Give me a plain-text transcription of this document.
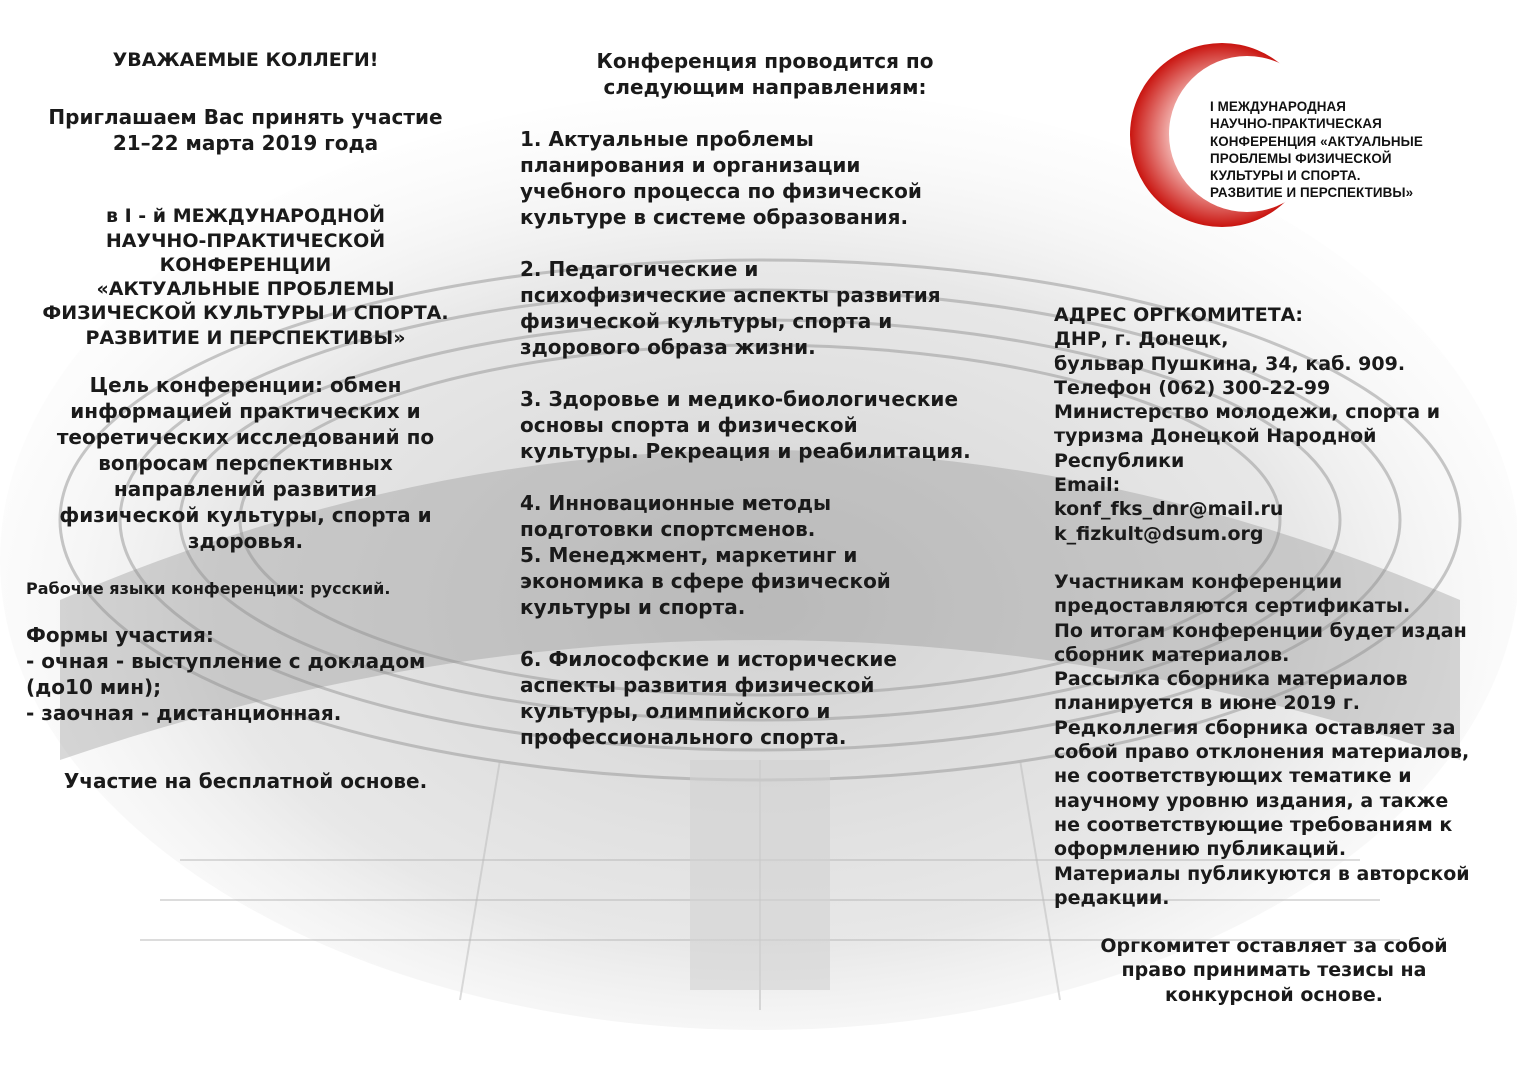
I МЕЖДУНАРОДНАЯ
НАУЧНО-ПРАКТИЧЕСКАЯ
КОНФЕРЕНЦИЯ «АКТУАЛЬНЫЕ
ПРОБЛЕМЫ ФИЗИЧЕСКОЙ
КУЛЬТУРЫ И СПОРТА.
РАЗВИТИЕ И ПЕРСПЕКТИВЫ»

УВАЖАЕМЫЕ КОЛЛЕГИ!

Приглашаем Вас принять участие
21–22 марта 2019 года
в I - й МЕЖДУНАРОДНОЙ
НАУЧНО-ПРАКТИЧЕСКОЙ
КОНФЕРЕНЦИИ
«АКТУАЛЬНЫЕ ПРОБЛЕМЫ
ФИЗИЧЕСКОЙ КУЛЬТУРЫ И СПОРТА.
РАЗВИТИЕ И ПЕРСПЕКТИВЫ»
Цель конференции: обмен
информацией практических и
теоретических исследований по
вопросам перспективных
направлений развития
физической культуры, спорта и
здоровья.

Рабочие языки конференции: русский.

Формы участия:
- очная - выступление с докладом
(до10 мин);
- заочная - дистанционная.

Участие на бесплатной основе.

Конференция проводится по
следующим направлениям:
1. Актуальные проблемы
планирования и организации
учебного процесса по физической
культуре в системе образования.
2. Педагогические и
психофизические аспекты развития
физической культуры, спорта и
здорового образа жизни.
3. Здоровье и медико-биологические
основы спорта и физической
культуры. Рекреация и реабилитация.
4. Инновационные методы
подготовки спортсменов.
5. Менеджмент, маркетинг и
экономика в сфере физической
культуры и спорта.
6. Философские и исторические
аспекты развития физической
культуры, олимпийского и
профессионального спорта.
АДРЕС ОРГКОМИТЕТА:
ДНР, г. Донецк,
бульвар Пушкина, 34, каб. 909.
Телефон (062) 300-22-99
Министерство молодежи, спорта и
туризма Донецкой Народной
Республики
Email:
konf_fks_dnr@mail.ru
k_fizkult@dsum.org
Участникам конференции
предоставляются сертификаты.
По итогам конференции будет издан
сборник материалов.
Рассылка сборника материалов
планируется в июне 2019 г.
Редколлегия сборника оставляет за
собой право отклонения материалов,
не соответствующих тематике и
научному уровню издания, а также
не соответствующие требованиям к
оформлению публикаций.
Материалы публикуются в авторской
редакции.
Оргкомитет оставляет за собой
право принимать тезисы на
конкурсной основе.
